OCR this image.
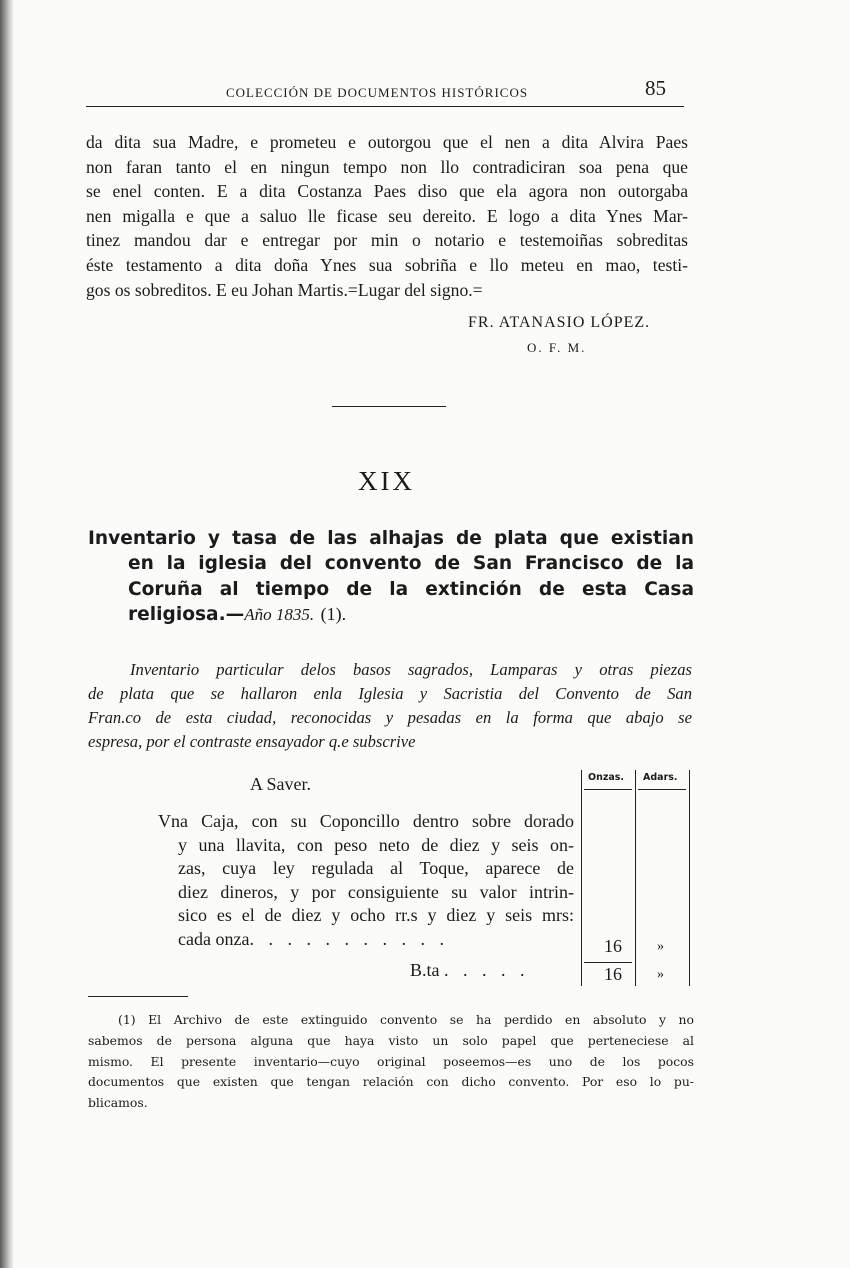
COLECCIÓN DE DOCUMENTOS HISTÓRICOS	85
da dita sua Madre, e prometeu e outorgou que el nen a dita Alvira Paes
non faran tanto el en ningun tempo non llo contradiciran soa pena que
se enel conten. E a dita Costanza Paes diso que ela agora non outorgaba
nen migalla e que a saluo lle ficase seu dereito. E logo a dita Ynes Mar-
tinez mandou dar e entregar por min o notario e testemoiñas sobreditas
éste testamento a dita doña Ynes sua sobriña e llo meteu en mao, testi-
gos os sobreditos. E eu Johan Martis.=Lugar del signo.=
FR. ATANASIO LÓPEZ.
O. F. M.
XIX
Inventario y tasa de las alhajas de plata que existian
en la iglesia del convento de San Francisco de la
Coruña al tiempo de la extinción de esta Casa
religiosa.—Año 1835. (1).
Inventario particular delos basos sagrados, Lamparas y otras piezas
de plata que se hallaron enla Iglesia y Sacristia del Convento de San
Fran.co de esta ciudad, reconocidas y pesadas en la forma que abajo se
espresa, por el contraste ensayador q.e subscrive
Onzas. Adars.
A Saver.
Vna Caja, con su Coponcillo dentro sobre dorado
y una llavita, con peso neto de diez y seis on-
zas, cuya ley regulada al Toque, aparece de
diez dineros, y por consiguiente su valor intrin-
sico es el de diez y ocho rr.s y diez y seis mrs:
cada onza. . . . . . . . . . .	16	»
B.ta . . . . .	16	»
(1) El Archivo de este extinguido convento se ha perdido en absoluto y no
sabemos de persona alguna que haya visto un solo papel que perteneciese al
mismo. El presente inventario—cuyo original poseemos—es uno de los pocos
documentos que existen que tengan relación con dicho convento. Por eso lo pu-
blicamos.
